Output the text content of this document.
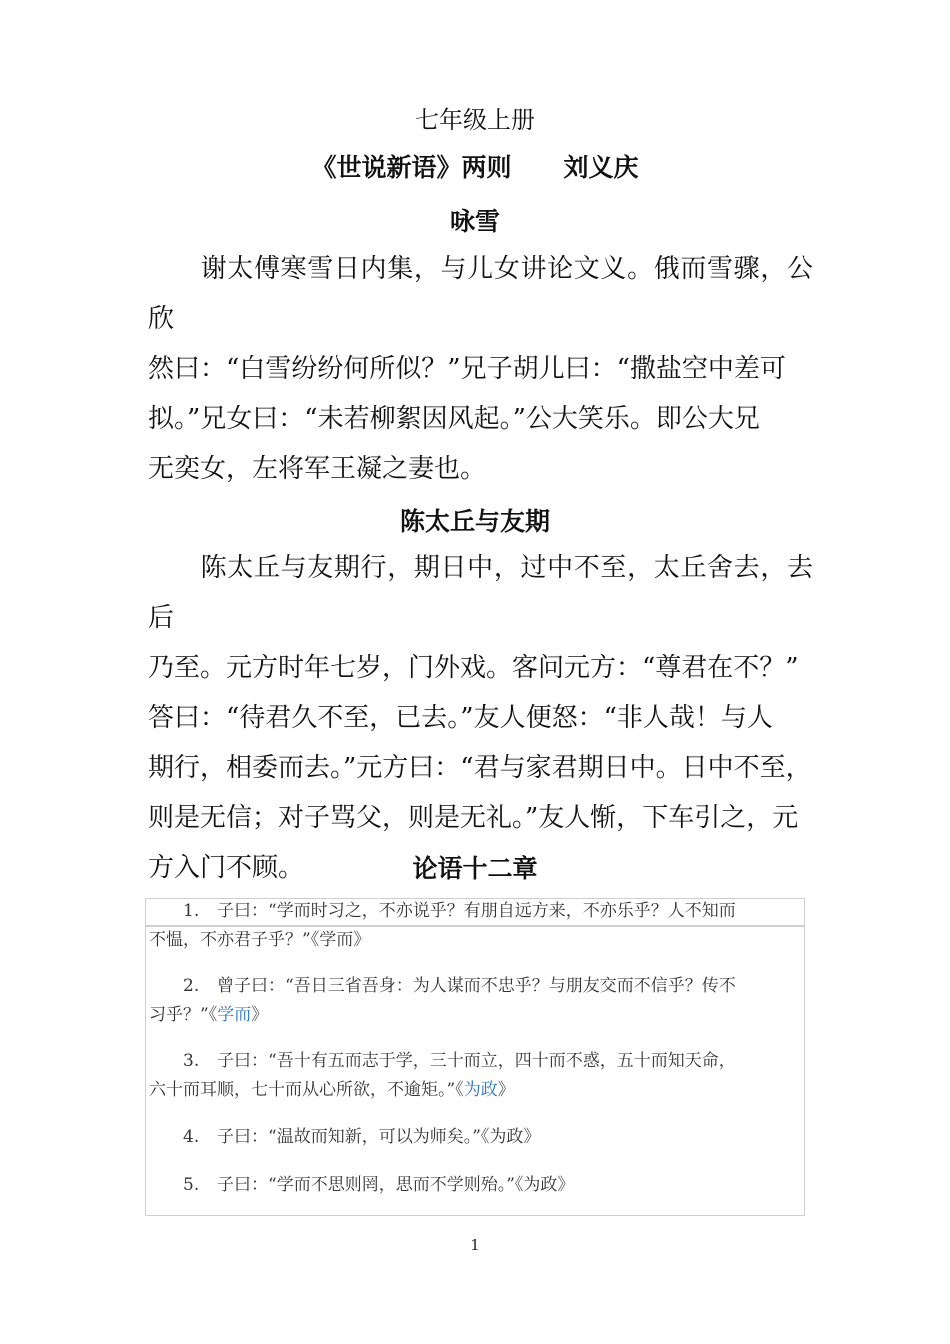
七年级上册
《世说新语》两则 刘义庆
咏雪
谢太傅寒雪日内集，与儿女讲论文义。俄而雪骤，公欣
然曰：“白雪纷纷何所似？”兄子胡儿曰：“撒盐空中差可
拟。”兄女曰：“未若柳絮因风起。”公大笑乐。即公大兄
无奕女，左将军王凝之妻也。
陈太丘与友期
陈太丘与友期行，期日中，过中不至，太丘舍去，去后
乃至。元方时年七岁，门外戏。客问元方：“尊君在不？”
答曰：“待君久不至，已去。”友人便怒：“非人哉！与人
期行，相委而去。”元方曰：“君与家君期日中。日中不至，
则是无信；对子骂父，则是无礼。”友人惭，下车引之，元
方入门不顾。	论语十二章
1. 子曰：“学而时习之，不亦说乎？有朋自远方来，不亦乐乎？人不知而
不愠，不亦君子乎？”《学而》
2. 曾子曰：“吾日三省吾身：为人谋而不忠乎？与朋友交而不信乎？传不
习乎？”《学而》
3. 子曰：“吾十有五而志于学，三十而立，四十而不惑，五十而知天命，
六十而耳顺，七十而从心所欲，不逾矩。”《为政》
4. 子曰：“温故而知新，可以为师矣。”《为政》
5. 子曰：“学而不思则罔，思而不学则殆。”《为政》
1
